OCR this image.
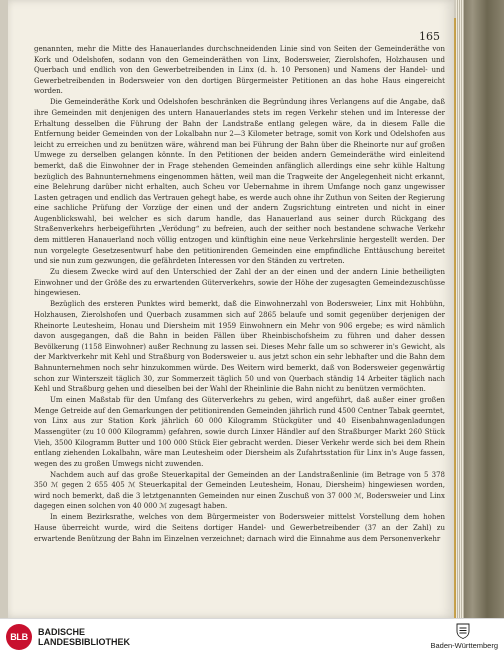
165

genannten, mehr die Mitte des Hanauerlandes durchschneidenden Linie sind von Seiten der Gemeinderäthe von Kork und Odelshofen, sodann von den Gemeinderäthen von Linx, Bodersweier, Zierolshofen, Holzhausen und Querbach und endlich von den Gewerbetreibenden in Linx (d. h. 10 Personen) und Namens der Handel- und Gewerbetreibenden in Bodersweier von den dortigen Bürgermeister Petitionen an das hohe Haus eingereicht worden.

Die Gemeinderäthe Kork und Odelshofen beschränken die Begründung ihres Verlangens auf die Angabe, daß ihre Gemeinden mit denjenigen des untern Hanauerlandes stets im regen Verkehr stehen und im Interesse der Erhaltung desselben die Führung der Bahn der Landstraße entlang gelegen wäre, da in diesem Falle die Entfernung beider Gemeinden von der Lokalbahn nur 2—3 Kilometer betrage, somit von Kork und Odelshofen aus leicht zu erreichen und zu benützen wäre, während man bei Führung der Bahn über die Rheinorte nur auf großen Umwege zu derselben gelangen könnte. In den Petitionen der beiden andern Gemeinderäthe wird einleitend bemerkt, daß die Einwohner der in Frage stehenden Gemeinden anfänglich allerdings eine sehr kühle Haltung bezüglich des Bahnunternehmens eingenommen hätten, weil man die Tragweite der Angelegenheit nicht erkannt, eine Belehrung darüber nicht erhalten, auch Scheu vor Uebernahme in ihrem Umfange noch ganz ungewisser Lasten getragen und endlich das Vertrauen gehegt habe, es werde auch ohne ihr Zuthun von Seiten der Regierung eine sachliche Prüfung der Vorzüge der einen und der andern Zugsrichtung eintreten und nicht in einer Augenblickswahl, bei welcher es sich darum handle, das Hanauerland aus seiner durch Rückgang des Straßenverkehrs herbeigeführten „Verödung“ zu befreien, auch der seither noch bestandene schwache Verkehr dem mittleren Hanauerland noch völlig entzogen und künftighin eine neue Verkehrslinie hergestellt werden. Der nun vorgelegte Gesetzesentwurf habe den petitionirenden Gemeinden eine empfindliche Enttäuschung bereitet und sie nun zum gezwungen, die gefährdeten Interessen vor den Ständen zu vertreten.

Zu diesem Zwecke wird auf den Unterschied der Zahl der an der einen und der andern Linie betheiligten Einwohner und der Größe des zu erwartenden Güterverkehrs, sowie der Höhe der zugesagten Gemeindezuschüsse hingewiesen.

Bezüglich des ersteren Punktes wird bemerkt, daß die Einwohnerzahl von Bodersweier, Linx mit Hohbühn, Holzhausen, Zierolshofen und Querbach zusammen sich auf 2865 belaufe und somit gegenüber derjenigen der Rheinorte Leutesheim, Honau und Diersheim mit 1959 Einwohnern ein Mehr von 906 ergebe; es wird nämlich davon ausgegangen, daß die Bahn in beiden Fällen über Rheinbischofsheim zu führen und daher dessen Bevölkerung (1158 Einwohner) außer Rechnung zu lassen sei. Dieses Mehr falle um so schwerer in's Gewicht, als der Marktverkehr mit Kehl und Straßburg von Bodersweier u. aus jetzt schon ein sehr lebhafter und die Bahn dem Bahnunternehmen noch sehr hinzukommen würde. Des Weitern wird bemerkt, daß von Bodersweier gegenwärtig schon zur Winterszeit täglich 30, zur Sommerzeit täglich 50 und von Querbach ständig 14 Arbeiter täglich nach Kehl und Straßburg gehen und dieselben bei der Wahl der Rheinlinie die Bahn nicht zu benützen vermöchten.

Um einen Maßstab für den Umfang des Güterverkehrs zu geben, wird angeführt, daß außer einer großen Menge Getreide auf den Gemarkungen der petitionirenden Gemeinden jährlich rund 4500 Centner Tabak geerntet, von Linx aus zur Station Kork jährlich 60 000 Kilogramm Stückgüter und 40 Eisenbahnwagenladungen Massengüter (zu 10 000 Kilogramm) gefahren, sowie durch Linxer Händler auf den Straßburger Markt 260 Stück Vieh, 3500 Kilogramm Butter und 100 000 Stück Eier gebracht werden. Dieser Verkehr werde sich bei dem Rhein entlang ziehenden Lokalbahn, wäre man Leutesheim oder Diersheim als Zufahrtsstation für Linx in's Auge fassen, wegen des zu großen Umwegs nicht zuwenden.

Nachdem auch auf das große Steuerkapital der Gemeinden an der Landstraßenlinie (im Betrage von 5 378 350 ℳ gegen 2 655 405 ℳ Steuerkapital der Gemeinden Leutesheim, Honau, Diersheim) hingewiesen worden, wird noch bemerkt, daß die 3 letztgenannten Gemeinden nur einen Zuschuß von 37 000 ℳ, Bodersweier und Linx dagegen einen solchen von 40 000 ℳ zugesagt haben.

In einem Bezirksrathe, welches von dem Bürgermeister von Bodersweier mittelst Vorstellung dem hohen Hause überreicht wurde, wird die Seitens dortiger Handel- und Gewerbetreibender (37 an der Zahl) zu erwartende Benützung der Bahn im Einzelnen verzeichnet; darnach wird die Einnahme aus dem Personenverkehr

BLB	BADISCHE
LANDESBIBLIOTHEK	Baden-Württemberg
